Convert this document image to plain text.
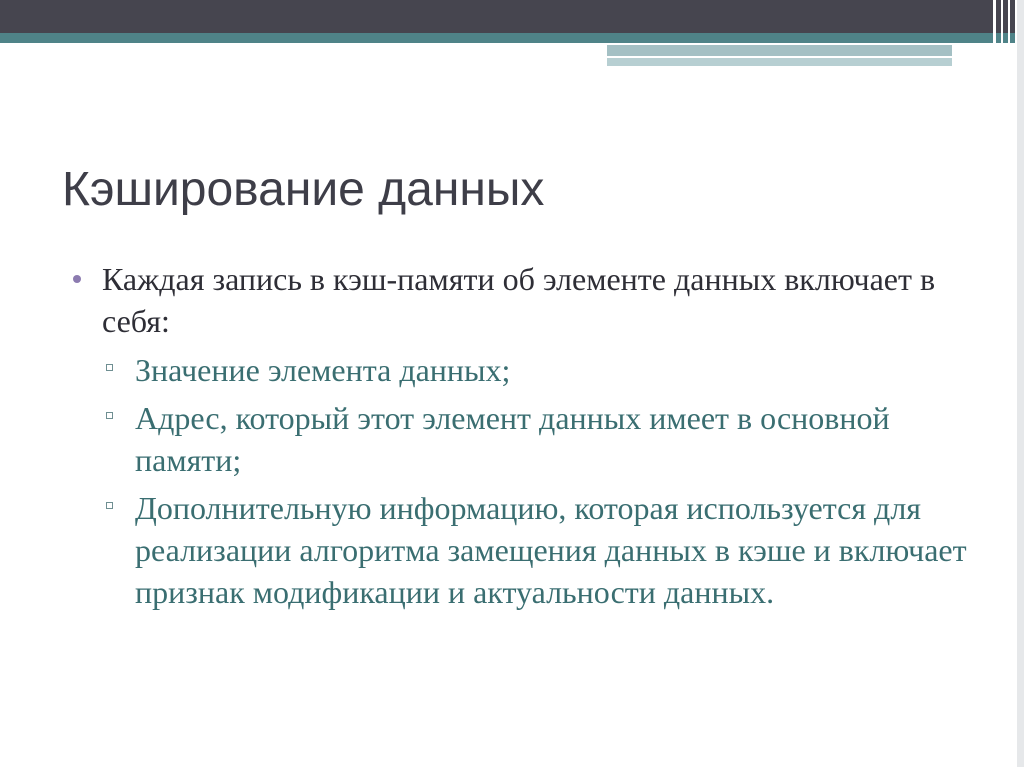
Кэширование данных
Каждая запись в кэш-памяти об элементе данных включает в себя:
Значение элемента данных;
Адрес, который этот элемент данных имеет в основной памяти;
Дополнительную информацию, которая используется для реализации алгоритма замещения данных в кэше и включает признак модификации и актуальности данных.
